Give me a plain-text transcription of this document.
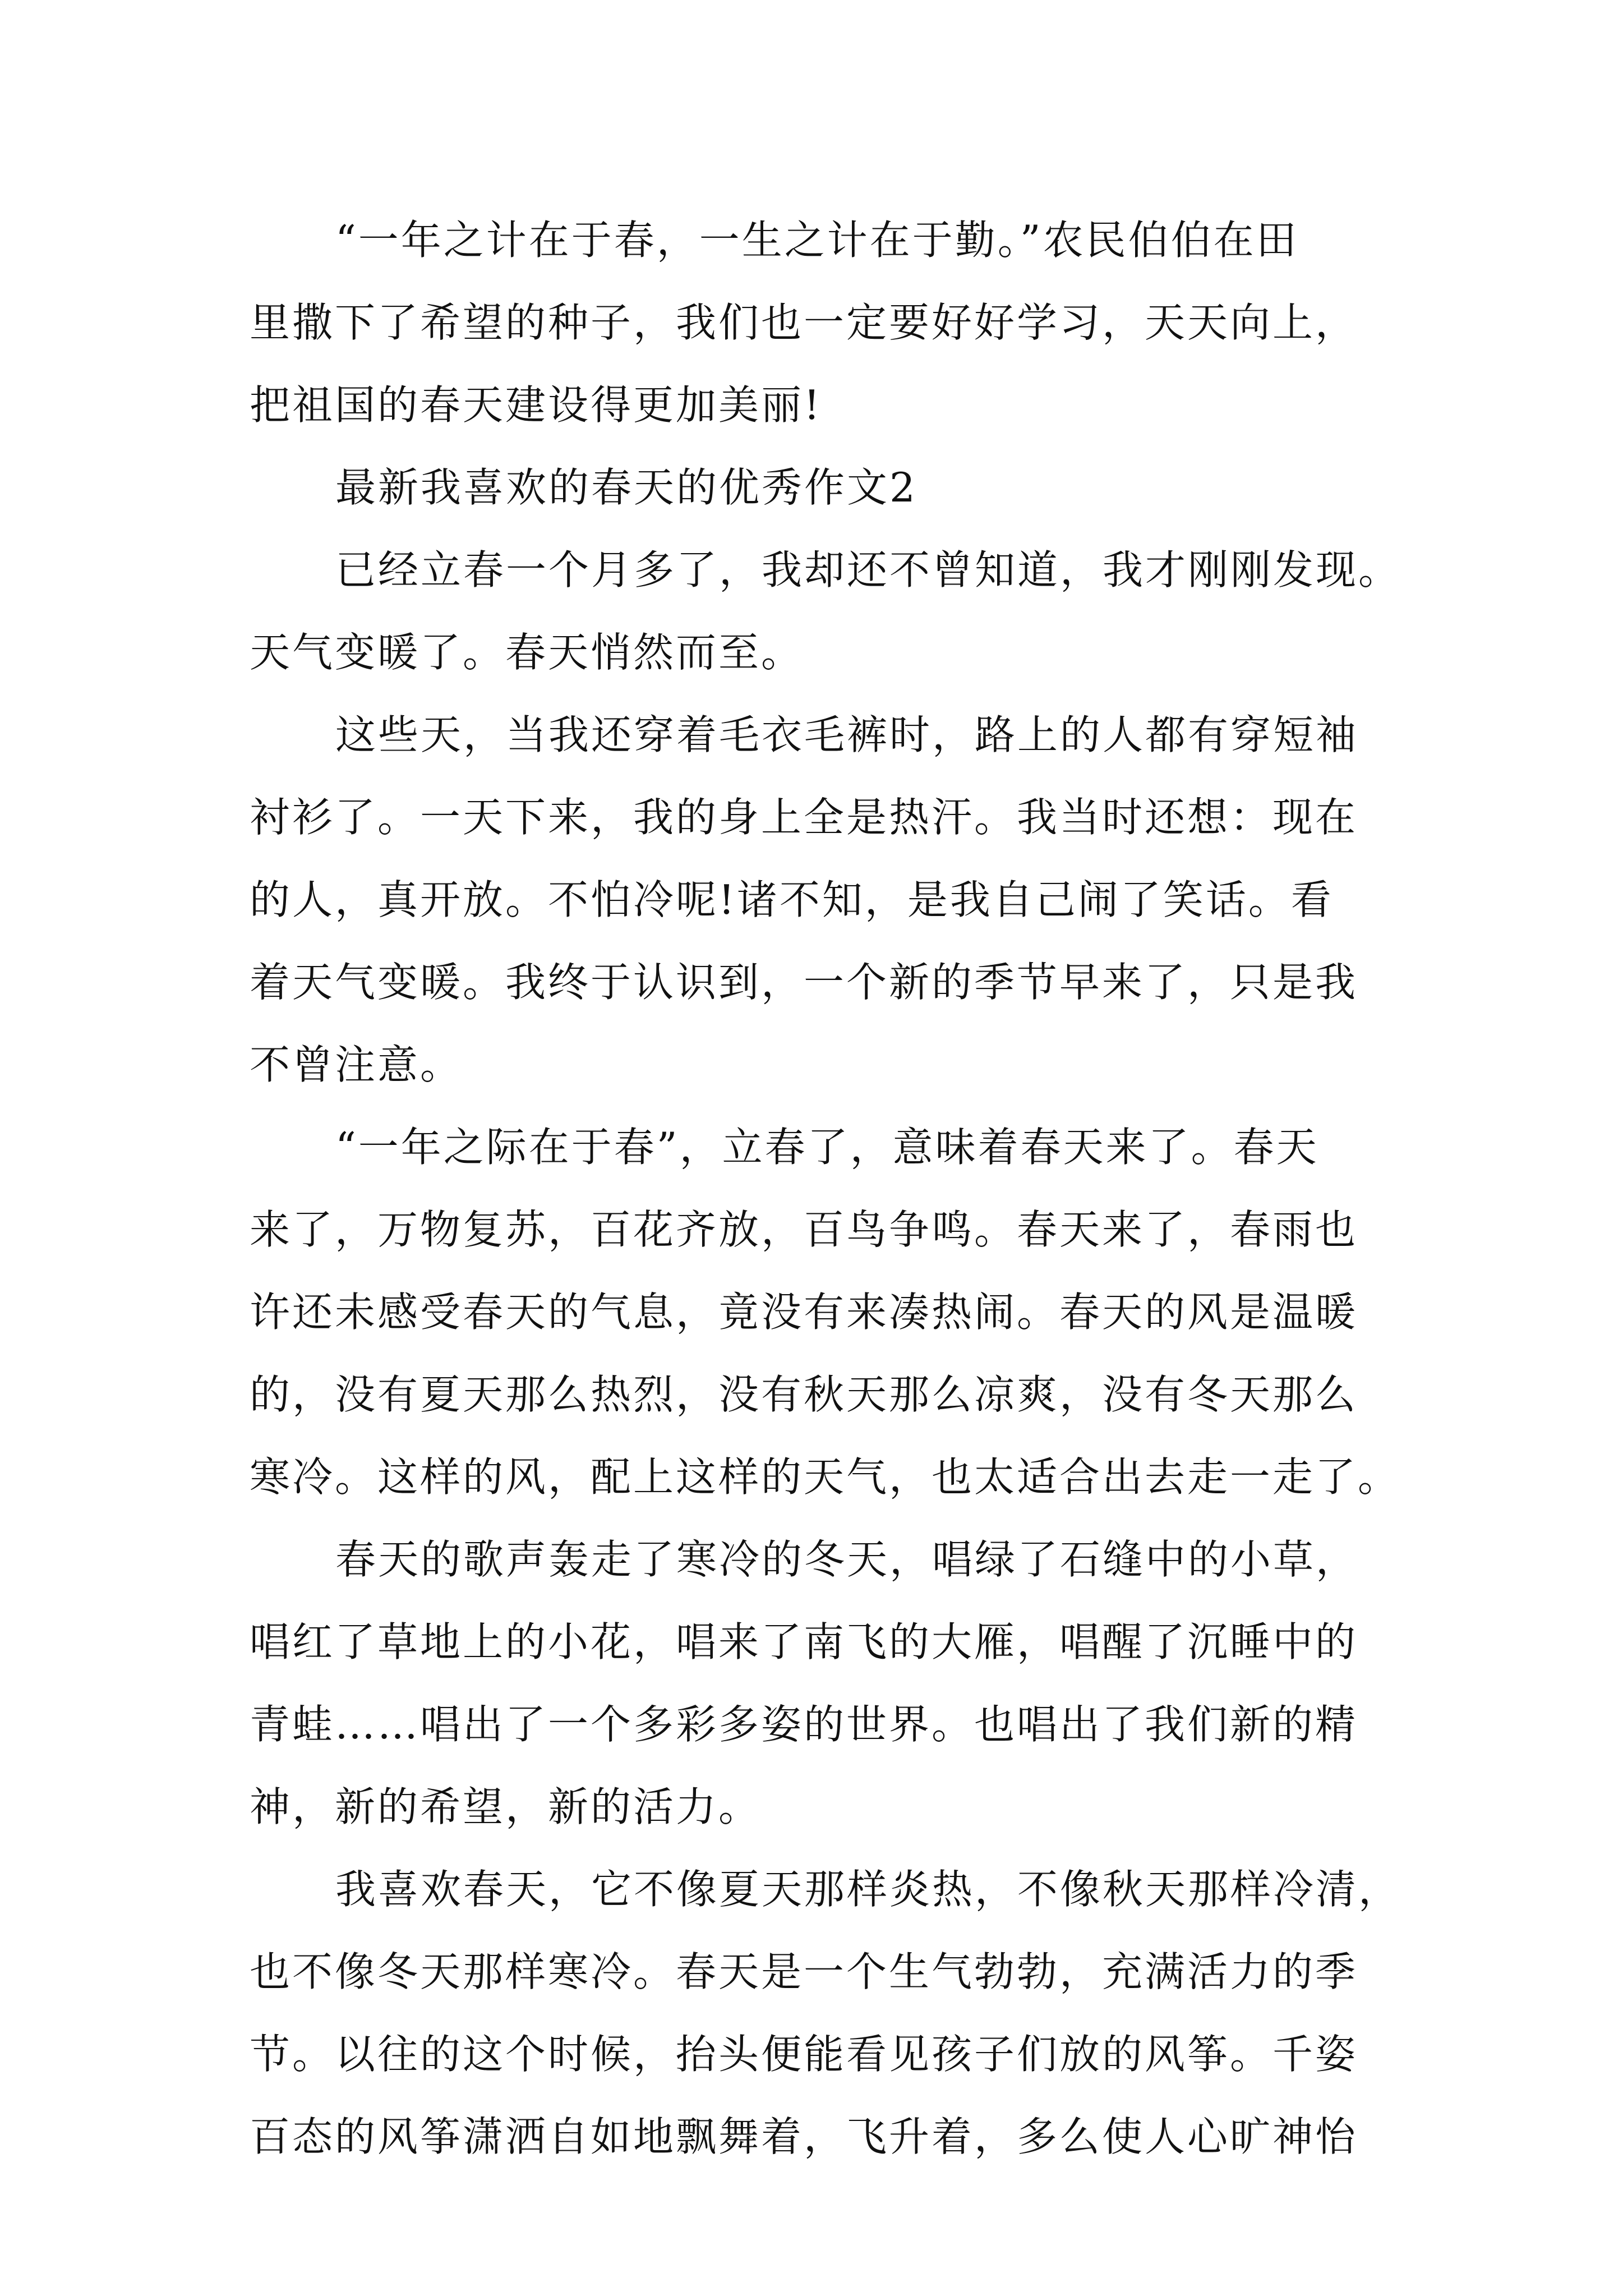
“一年之计在于春，一生之计在于勤。”农民伯伯在田
里撒下了希望的种子，我们也一定要好好学习，天天向上，
把祖国的春天建设得更加美丽!
最新我喜欢的春天的优秀作文2
已经立春一个月多了，我却还不曾知道，我才刚刚发现。
天气变暖了。春天悄然而至。
这些天，当我还穿着毛衣毛裤时，路上的人都有穿短袖
衬衫了。一天下来，我的身上全是热汗。我当时还想：现在
的人，真开放。不怕冷呢!诸不知，是我自己闹了笑话。看
着天气变暖。我终于认识到，一个新的季节早来了，只是我
不曾注意。
“一年之际在于春”，立春了，意味着春天来了。春天
来了，万物复苏，百花齐放，百鸟争鸣。春天来了，春雨也
许还未感受春天的气息，竟没有来凑热闹。春天的风是温暖
的，没有夏天那么热烈，没有秋天那么凉爽，没有冬天那么
寒冷。这样的风，配上这样的天气，也太适合出去走一走了。
春天的歌声轰走了寒冷的冬天，唱绿了石缝中的小草，
唱红了草地上的小花，唱来了南飞的大雁，唱醒了沉睡中的
青蛙……唱出了一个多彩多姿的世界。也唱出了我们新的精
神，新的希望，新的活力。
我喜欢春天，它不像夏天那样炎热，不像秋天那样冷清，
也不像冬天那样寒冷。春天是一个生气勃勃，充满活力的季
节。以往的这个时候，抬头便能看见孩子们放的风筝。千姿
百态的风筝潇洒自如地飘舞着，飞升着，多么使人心旷神怡
